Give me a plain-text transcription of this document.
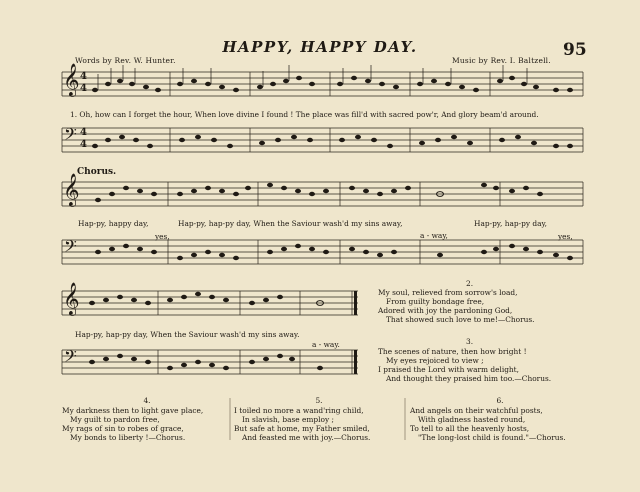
HAPPY, HAPPY DAY.	95
Words by Rev. W. Hunter.	Music by Rev. I. Baltzell.
𝄞 4
4
1. Oh, how can I forget the hour, When love divine I found ! The place was fill'd with sacred pow'r, And glory beam'd around.
𝄢 4
4
Chorus.
𝄞
Hap-py, happy day,	Hap-py, hap-py day, When the Saviour wash'd my sins away,	Hap-py, hap-py day,
yes,	a - way,	yes,
𝄢
𝄞
Hap-py, hap-py day, When the Saviour wash'd my sins away.
a - way.
𝄢
My soul, relieved from sorrow's load,
From guilty bondage free,
Adored with joy the pardoning God,
That showed such love to me!—Chorus.
2.
3.
The scenes of nature, then how bright !
My eyes rejoiced to view ;
I praised the Lord with warm delight,
And thought they praised him too.—Chorus.
4.
My darkness then to light gave place,
My guilt to pardon free,
My rags of sin to robes of grace,
My bonds to liberty !—Chorus.
5.
I toiled no more a wand'ring child,
In slavish, base employ ;
But safe at home, my Father smiled,
And feasted me with joy.—Chorus.
6.
And angels on their watchful posts,
With gladness hasted round,
To tell to all the heavenly hosts,
"The long-lost child is found."—Chorus.
